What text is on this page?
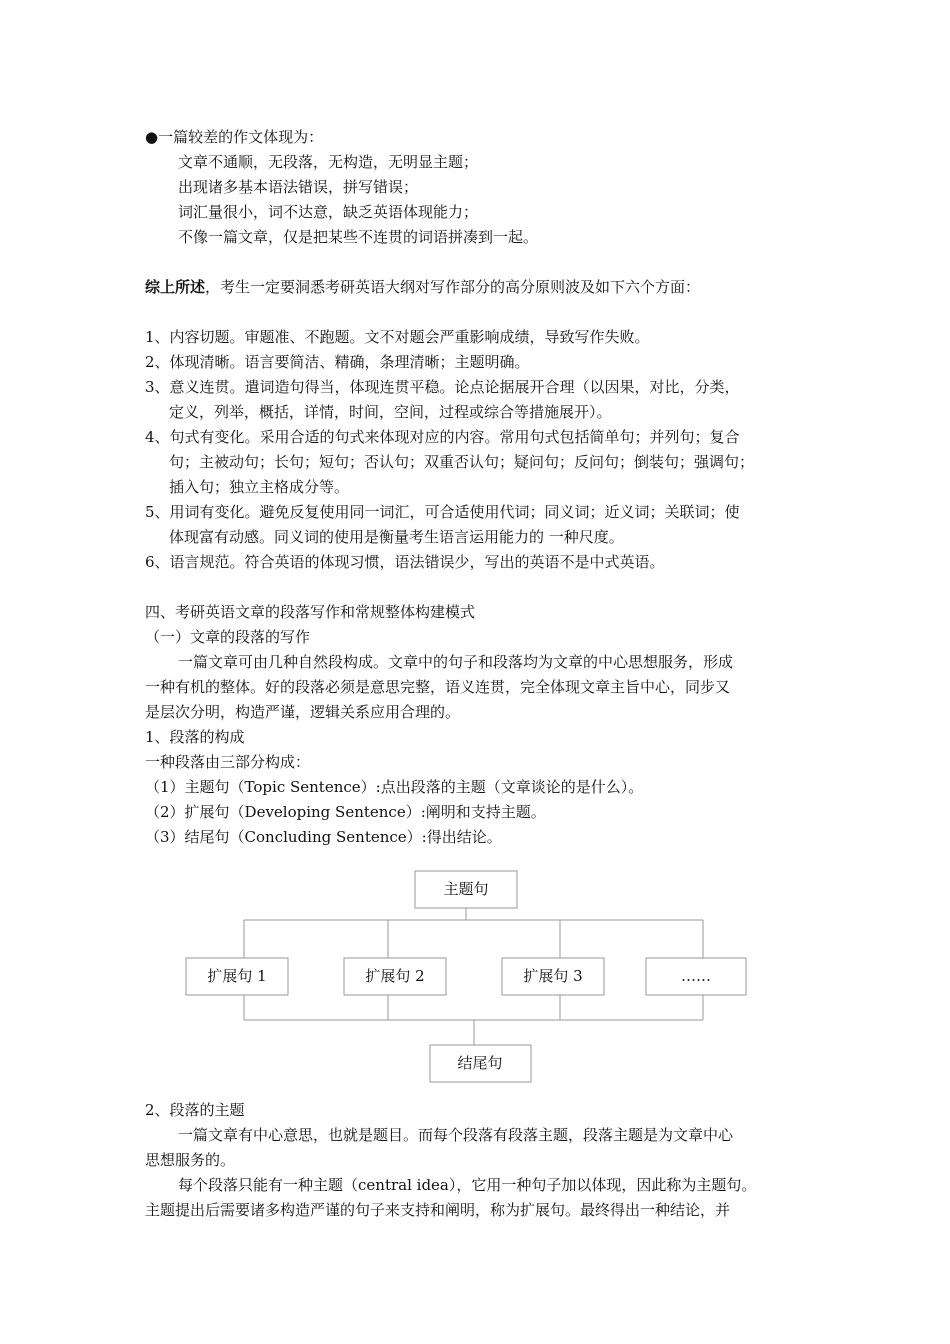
●一篇较差的作文体现为：
文章不通顺，无段落，无构造，无明显主题；
出现诸多基本语法错误，拼写错误；
词汇量很小，词不达意，缺乏英语体现能力；
不像一篇文章，仅是把某些不连贯的词语拼凑到一起。
综上所述，考生一定要洞悉考研英语大纲对写作部分的高分原则波及如下六个方面：
1、内容切题。审题准、不跑题。文不对题会严重影响成绩，导致写作失败。
2、体现清晰。语言要简洁、精确，条理清晰；主题明确。
3、意义连贯。遣词造句得当，体现连贯平稳。论点论据展开合理（以因果，对比，分类，
定义，列举，概括，详情，时间，空间，过程或综合等措施展开）。
4、句式有变化。采用合适的句式来体现对应的内容。常用句式包括简单句；并列句；复合
句；主被动句；长句；短句；否认句；双重否认句；疑问句；反问句；倒装句；强调句；
插入句；独立主格成分等。
5、用词有变化。避免反复使用同一词汇，可合适使用代词；同义词；近义词；关联词；使
体现富有动感。同义词的使用是衡量考生语言运用能力的 一种尺度。
6、语言规范。符合英语的体现习惯，语法错误少，写出的英语不是中式英语。
四、考研英语文章的段落写作和常规整体构建模式
（一）文章的段落的写作
一篇文章可由几种自然段构成。文章中的句子和段落均为文章的中心思想服务，形成
一种有机的整体。好的段落必须是意思完整，语义连贯，完全体现文章主旨中心，同步又
是层次分明，构造严谨，逻辑关系应用合理的。
1、段落的构成
一种段落由三部分构成：
（1）主题句（Topic Sentence）:点出段落的主题（文章谈论的是什么）。
（2）扩展句（Developing Sentence）:阐明和支持主题。
（3）结尾句（Concluding Sentence）:得出结论。
主题句
扩展句 1	扩展句 2	扩展句 3	……
结尾句
2、段落的主题
一篇文章有中心意思，也就是题目。而每个段落有段落主题，段落主题是为文章中心
思想服务的。
每个段落只能有一种主题（central idea），它用一种句子加以体现，因此称为主题句。
主题提出后需要诸多构造严谨的句子来支持和阐明，称为扩展句。最终得出一种结论，并
